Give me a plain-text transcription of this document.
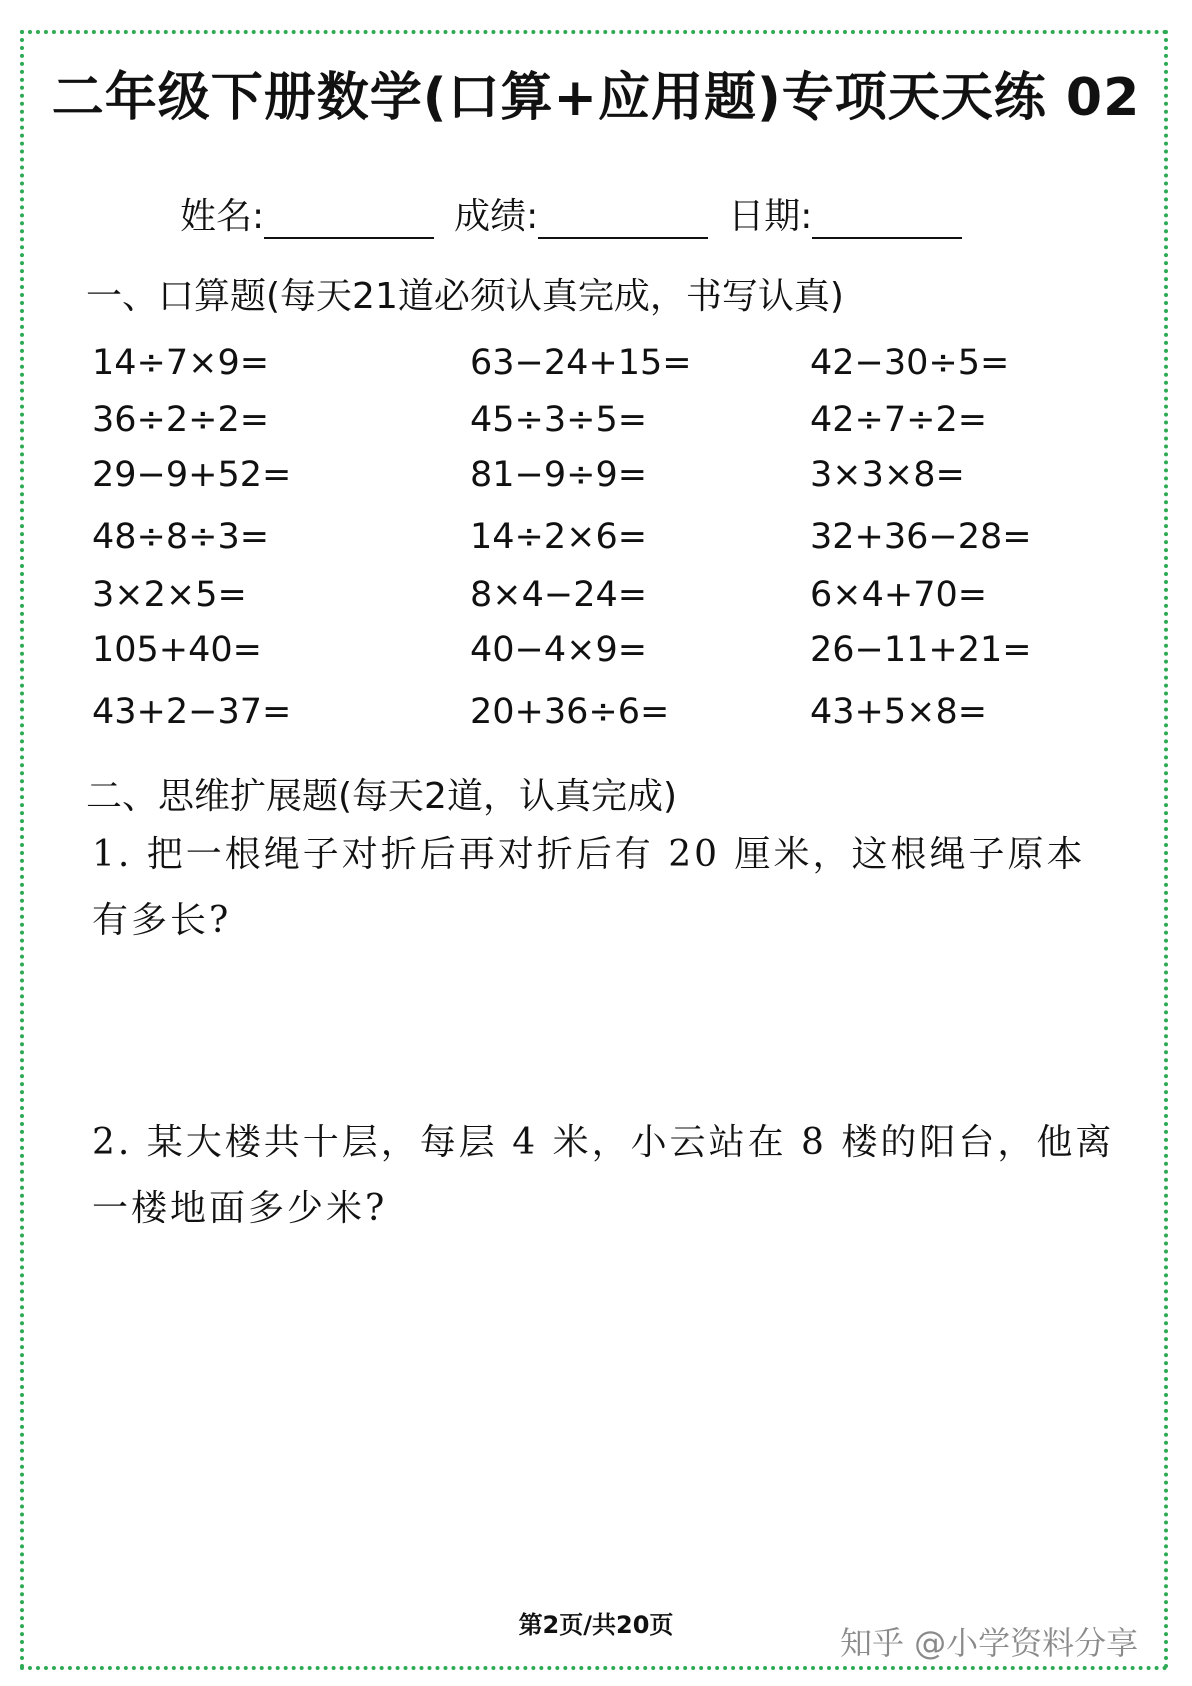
二年级下册数学(口算+应用题)专项天天练 02
姓名:	成绩:	日期:
一、口算题(每天21道必须认真完成，书写认真)
14÷7×9=	63−24+15=	42−30÷5=
36÷2÷2=	45÷3÷5=	42÷7÷2=
29−9+52=	81−9÷9=	3×3×8=
48÷8÷3=	14÷2×6=	32+36−28=
3×2×5=	8×4−24=	6×4+70=
105+40=	40−4×9=	26−11+21=
43+2−37=	20+36÷6=	43+5×8=
二、思维扩展题(每天2道，认真完成)
1. 把一根绳子对折后再对折后有 20 厘米，这根绳子原本有多长?
2. 某大楼共十层，每层 4 米，小云站在 8 楼的阳台，他离一楼地面多少米?
第2页/共20页	知乎 @小学资料分享
